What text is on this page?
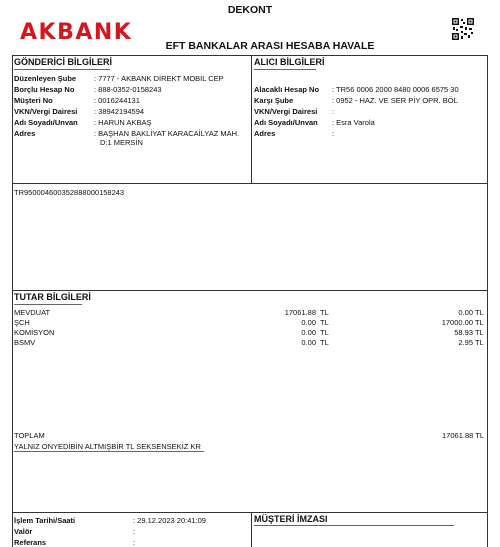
AKBANK
DEKONT
EFT BANKALAR ARASI HESABA HAVALE
GÖNDERİCİ BİLGİLERİ
Düzenleyen Şube : 7777 - AKBANK DİREKT MOBİL CEP
Borçlu Hesap No	: 888-0352-0158243
Müşteri No	: 0016244131
VKN/Vergi Dairesi : 38942194594
Adı Soyadı/Unvan : HARUN AKBAŞ
Adres	: BAŞHAN BAKLİYAT KARACAİLYAZ MAH.
D:1 MERSİN
ALICI BİLGİLERİ
Alacaklı Hesap No : TR56 0006 2000 8480 0006 6575 30
Karşı Şube	: 0952 - HAZ. VE SER PİY OPR. BÖL
VKN/Vergi Dairesi :
Adı Soyadı/Unvan : Esra Varola
Adres	:
TR950004600352888000158243
TUTAR BİLGİLERİ
MEVDUAT	17061.88 TL	0.00 TL
ŞCH	0.00 TL	17000.00 TL
KOMİSYON	0.00 TL	58.93 TL
BSMV	0.00 TL	2.95 TL
TOPLAM	17061.88 TL
YALNIZ ONYEDİBİN ALTMIŞBİR TL SEKSENSEKİZ KR
İşlem Tarihi/Saati	: 29.12.2023 20:41:09
Valör	:
Referans	:
MÜŞTERİ İMZASI
